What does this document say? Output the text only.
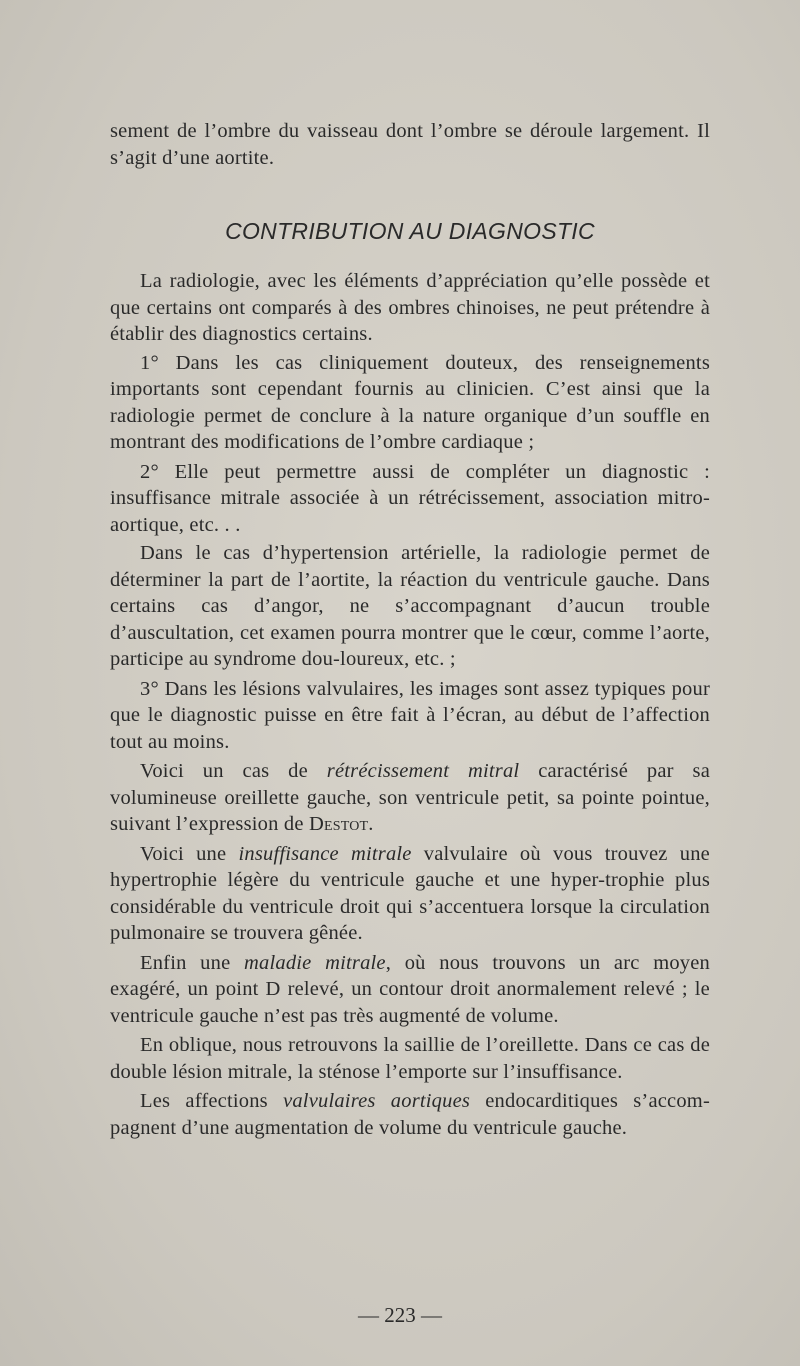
sement de l’ombre du vaisseau dont l’ombre se déroule largement. Il s’agit d’une aortite.

CONTRIBUTION AU DIAGNOSTIC

La radiologie, avec les éléments d’appréciation qu’elle possède et que certains ont comparés à des ombres chinoises, ne peut prétendre à établir des diagnostics certains.

1° Dans les cas cliniquement douteux, des renseignements importants sont cependant fournis au clinicien. C’est ainsi que la radiologie permet de conclure à la nature organique d’un souffle en montrant des modifications de l’ombre cardiaque ;

2° Elle peut permettre aussi de compléter un diagnostic : insuffisance mitrale associée à un rétrécissement, association mitro-aortique, etc. . .

Dans le cas d’hypertension artérielle, la radiologie permet de déterminer la part de l’aortite, la réaction du ventricule gauche. Dans certains cas d’angor, ne s’accompagnant d’aucun trouble d’auscultation, cet examen pourra montrer que le cœur, comme l’aorte, participe au syndrome dou-loureux, etc. ;

3° Dans les lésions valvulaires, les images sont assez typiques pour que le diagnostic puisse en être fait à l’écran, au début de l’affection tout au moins.

Voici un cas de rétrécissement mitral caractérisé par sa volumineuse oreillette gauche, son ventricule petit, sa pointe pointue, suivant l’expression de Destot.

Voici une insuffisance mitrale valvulaire où vous trouvez une hypertrophie légère du ventricule gauche et une hyper-trophie plus considérable du ventricule droit qui s’accentuera lorsque la circulation pulmonaire se trouvera gênée.

Enfin une maladie mitrale, où nous trouvons un arc moyen exagéré, un point D relevé, un contour droit anormalement relevé ; le ventricule gauche n’est pas très augmenté de volume.

En oblique, nous retrouvons la saillie de l’oreillette. Dans ce cas de double lésion mitrale, la sténose l’emporte sur l’insuffisance.

Les affections valvulaires aortiques endocarditiques s’accom-pagnent d’une augmentation de volume du ventricule gauche.

— 223 —
